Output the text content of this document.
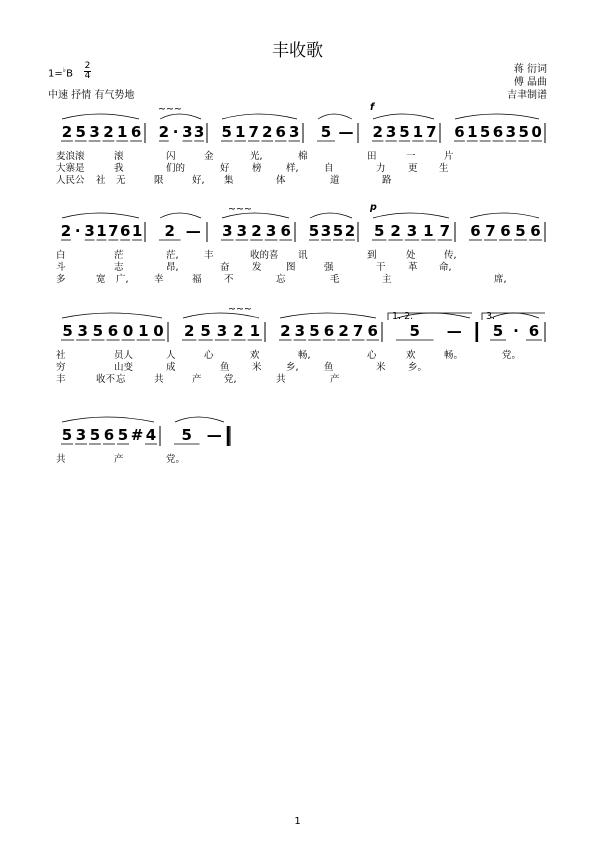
丰收歌
蒋 衍词
傅 晶曲
吉聿制谱
1=♭B
2
4
中速 抒情 有气势地
2 5 3 2 1 6 2 · 3 3 5 1 7 2 6 3 5 — 2 3 5 1 7 6 1 5 6 3 5 0
2 · 3 1 7 6 1 2 — 3 3 2 3 6 5 3 5 2 5 2 3 1 7 6 7 6 5 6
5 3 5 6 0 1 0 2 5 3 2 1 2 3 5 6 2 7 6 5 — 5 · 6
5 3 5 6 5 # 4 5 —
1. 2.	3.
~~~
~~~
~~~
f
p
麦浪滚	滚	闪	金	光,	棉	田	一	片
大寨是	我	们的	好 榜	样,	自	力 更 生
人民公 社 无	限	好, 集	体	道	路
白	茫	茫,	丰	收的喜 讯	到	处	传,
斗	志	昂,	奋 发	图	强	干 革 命,
多	宽 广,	幸	福 不	忘	毛	主	席,
社	员人	人	心	欢	畅,	心	欢	畅。	党。
穷	山变	成	鱼 米	乡,	鱼	米 乡。
丰	收不 忘	共	产 党,	共	产
共	产	党。
1
